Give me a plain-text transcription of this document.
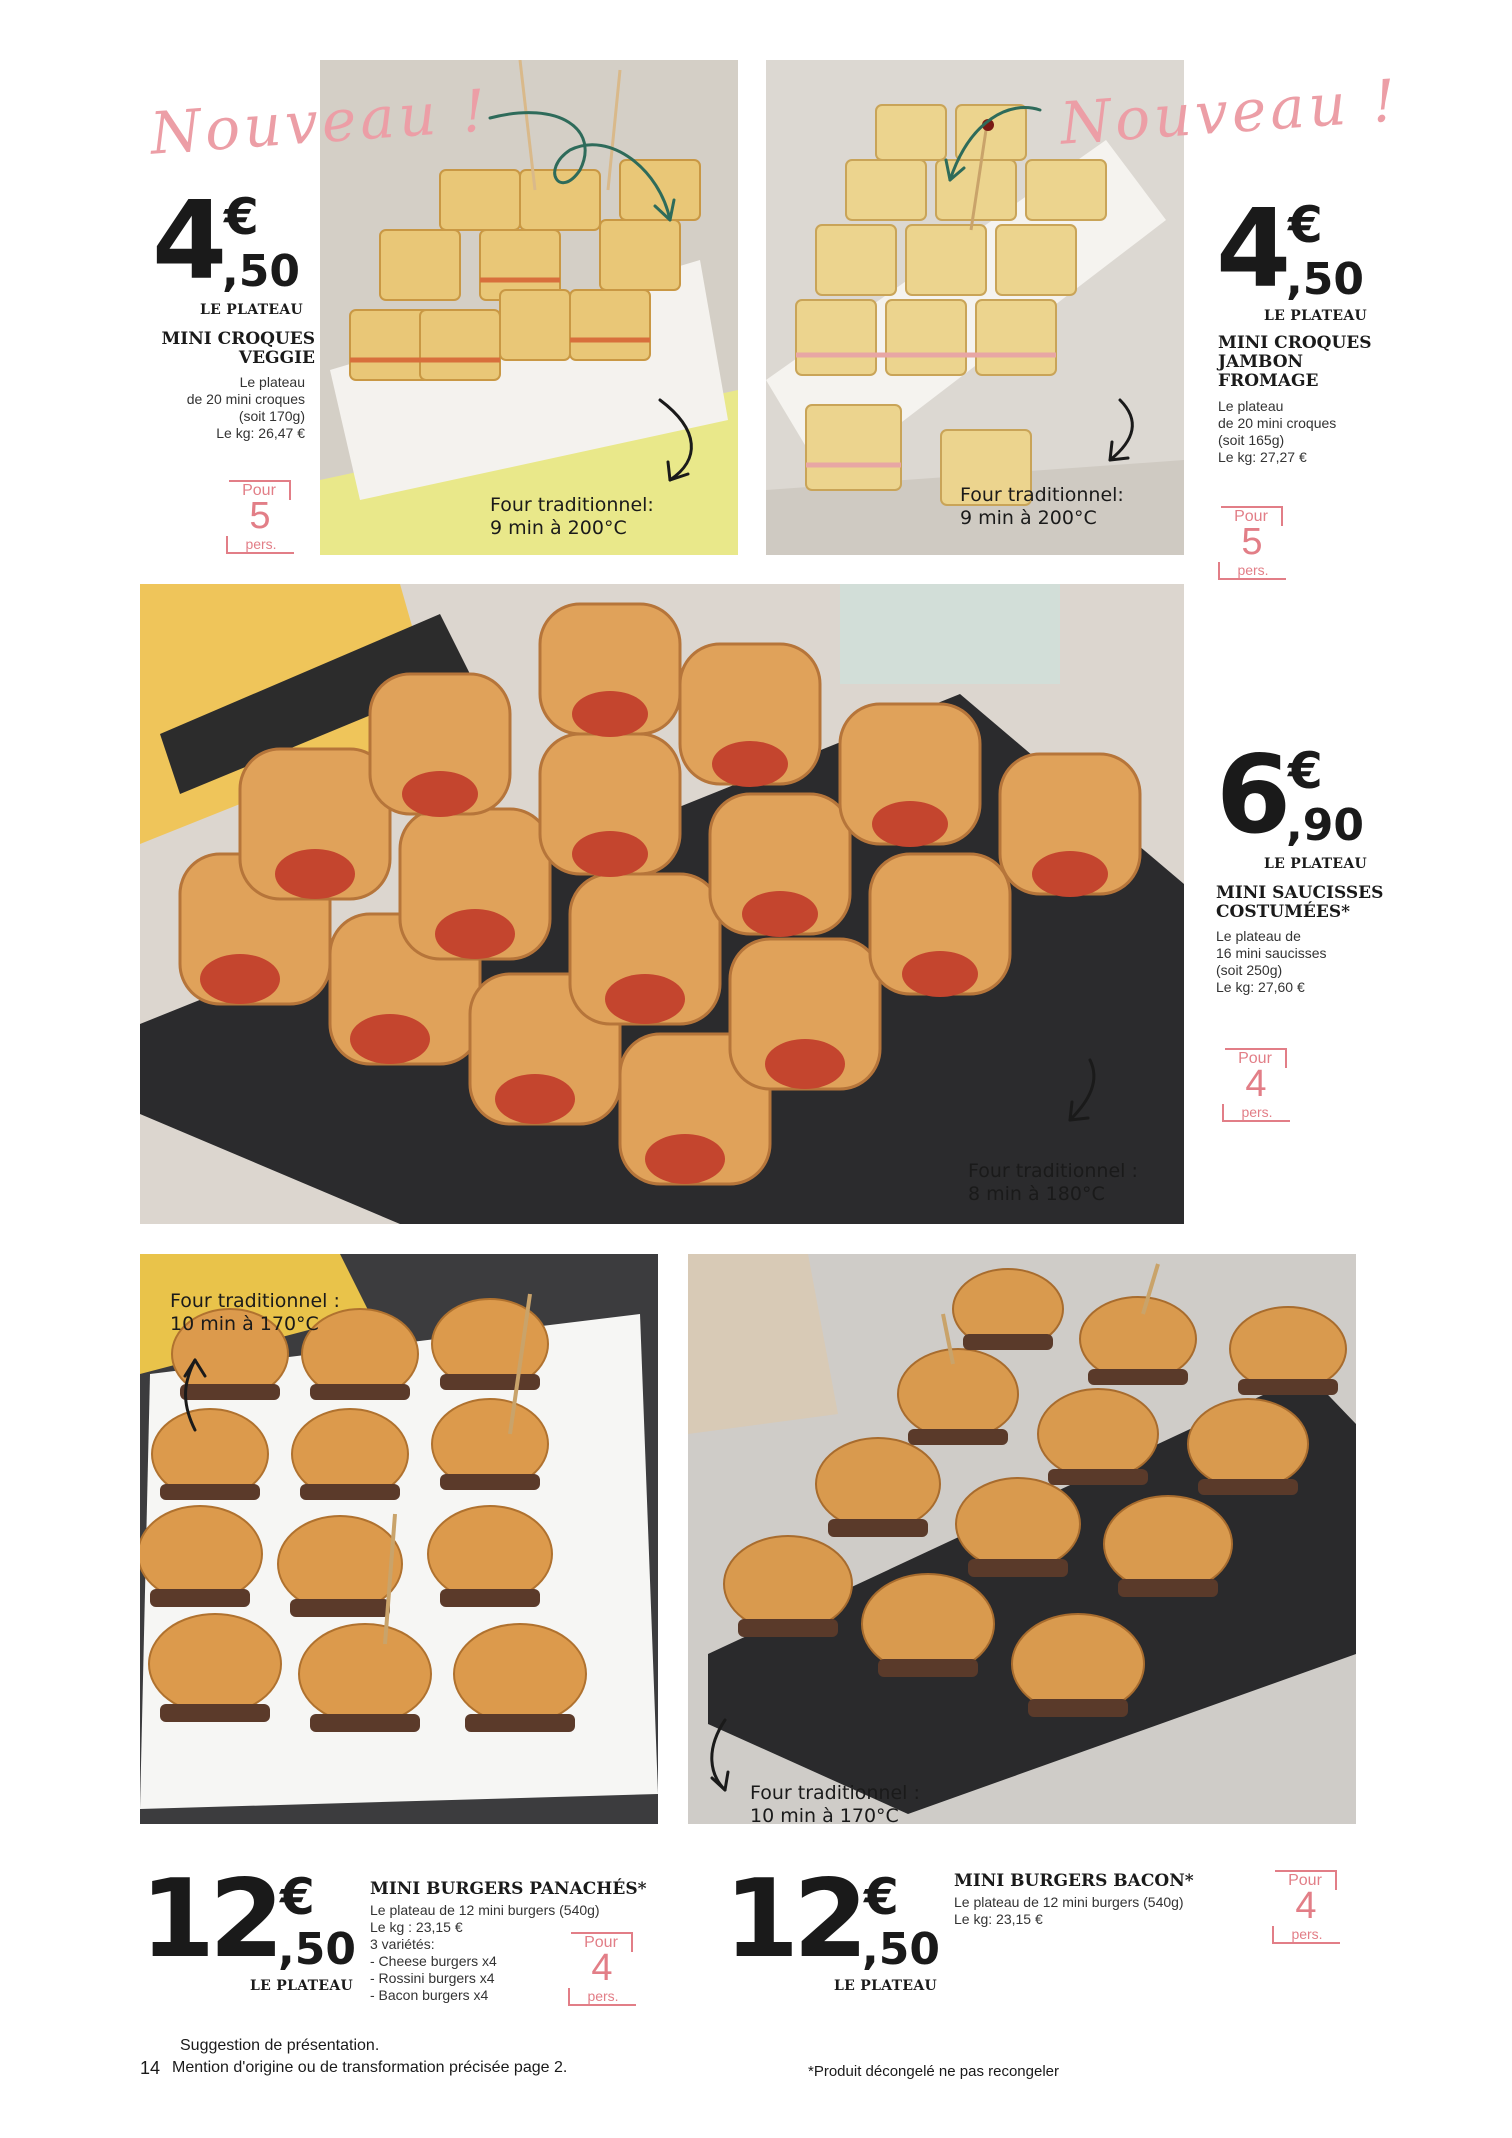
Nouveau !	Nouveau !
4 €
,50
LE PLATEAU
MINI CROQUES
VEGGIE
Le plateau
de 20 mini croques
(soit 170g)
Le kg: 26,47 €
Pour
5
pers.
Four traditionnel:
9 min à 200°C
4 €
,50
LE PLATEAU
MINI CROQUES
JAMBON
FROMAGE
Le plateau
de 20 mini croques
(soit 165g)
Le kg: 27,27 €
Pour
5
pers.
Four traditionnel:
9 min à 200°C
6 €
,90
LE PLATEAU
MINI SAUCISSES
COSTUMÉES*
Le plateau de
16 mini saucisses
(soit 250g)
Le kg: 27,60 €
Pour
4
pers.
Four traditionnel :
8 min à 180°C
Four traditionnel :
10 min à 170°C
12 €
,50
LE PLATEAU
MINI BURGERS PANACHÉS*
Le plateau de 12 mini burgers (540g)
Le kg : 23,15 €
3 variétés:
- Cheese burgers x4
- Rossini burgers x4
- Bacon burgers x4
Pour
4
pers.
Four traditionnel :
10 min à 170°C
12 €
,50
LE PLATEAU
MINI BURGERS BACON*
Le plateau de 12 mini burgers (540g)
Le kg: 23,15 €
Pour
4
pers.
Suggestion de présentation.
14 Mention d'origine ou de transformation précisée page 2.	*Produit décongelé ne pas recongeler
